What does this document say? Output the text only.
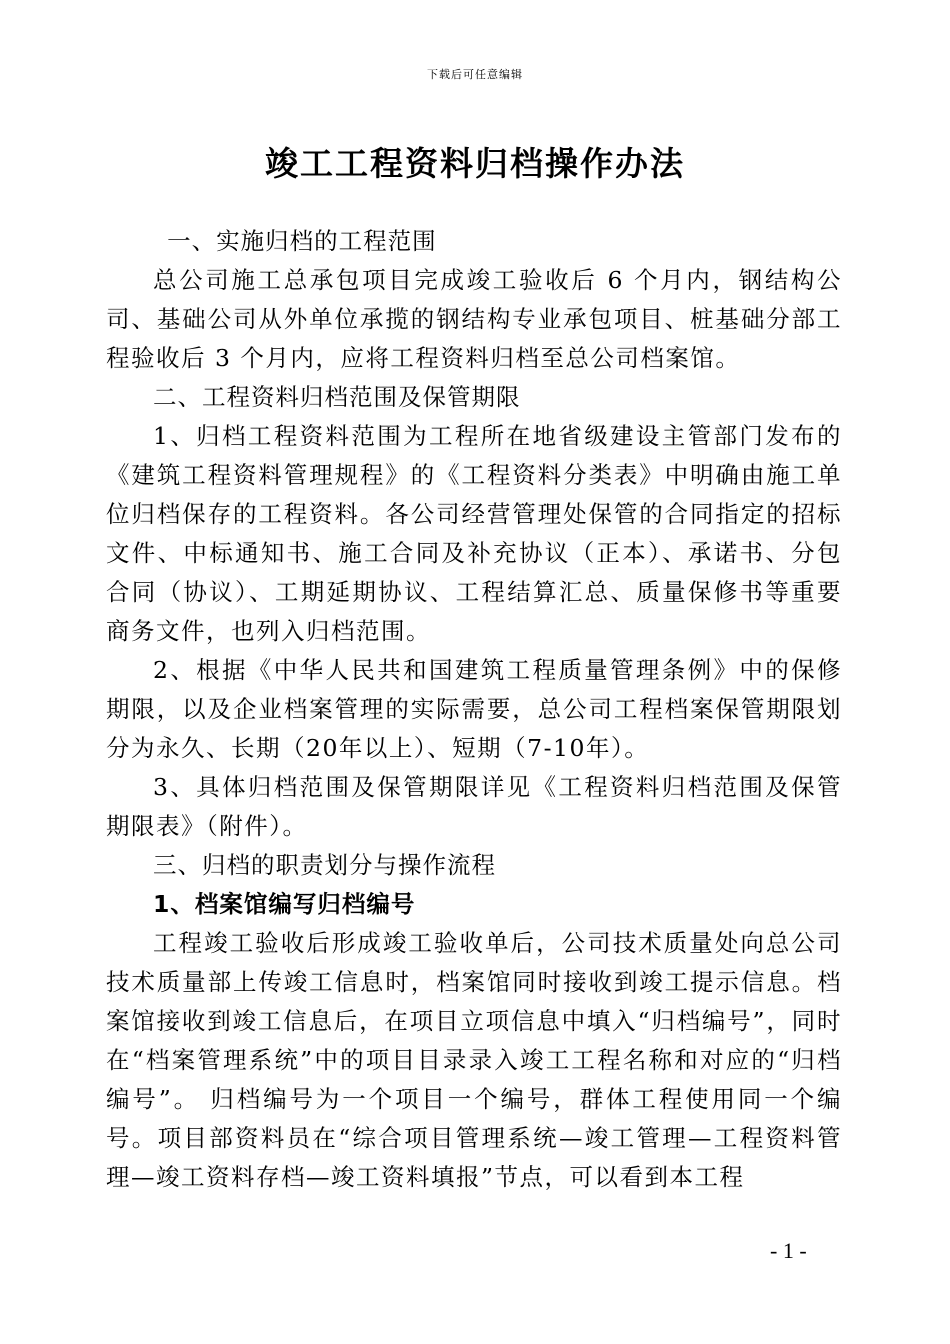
下载后可任意编辑
竣工工程资料归档操作办法

一、实施归档的工程范围

总公司施工总承包项目完成竣工验收后 6 个月内，钢结构公司、基础公司从外单位承揽的钢结构专业承包项目、桩基础分部工程验收后 3 个月内，应将工程资料归档至总公司档案馆。

二、工程资料归档范围及保管期限

1、归档工程资料范围为工程所在地省级建设主管部门发布的《建筑工程资料管理规程》的《工程资料分类表》中明确由施工单位归档保存的工程资料。各公司经营管理处保管的合同指定的招标文件、中标通知书、施工合同及补充协议（正本）、承诺书、分包合同（协议）、工期延期协议、工程结算汇总、质量保修书等重要商务文件，也列入归档范围。

2、根据《中华人民共和国建筑工程质量管理条例》中的保修期限，以及企业档案管理的实际需要，总公司工程档案保管期限划分为永久、长期（20年以上）、短期（7-10年）。

3、具体归档范围及保管期限详见《工程资料归档范围及保管期限表》（附件）。

三、归档的职责划分与操作流程

1、档案馆编写归档编号

工程竣工验收后形成竣工验收单后，公司技术质量处向总公司技术质量部上传竣工信息时，档案馆同时接收到竣工提示信息。档案馆接收到竣工信息后，在项目立项信息中填入“归档编号”，同时在“档案管理系统”中的项目目录录入竣工工程名称和对应的“归档编号”。 归档编号为一个项目一个编号，群体工程使用同一个编号。项目部资料员在“综合项目管理系统—竣工管理—工程资料管理—竣工资料存档—竣工资料填报”节点，可以看到本工程

- 1 -
